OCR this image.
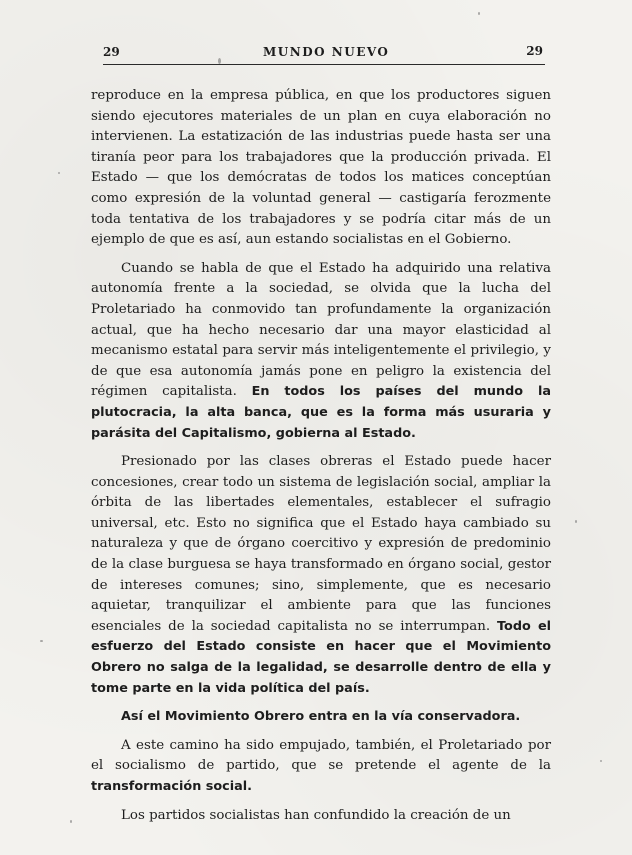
29	MUNDO NUEVO	29

reproduce en la empresa pública, en que los productores siguen siendo ejecutores materiales de un plan en cuya elaboración no intervienen. La estatización de las industrias puede hasta ser una tiranía peor para los trabajadores que la producción privada. El Estado — que los demócratas de todos los matices conceptúan como expresión de la voluntad general — castigaría ferozmente toda tentativa de los trabajadores y se podría citar más de un ejemplo de que es así, aun estando socialistas en el Gobierno.

Cuando se habla de que el Estado ha adquirido una relativa autonomía frente a la sociedad, se olvida que la lucha del Proletariado ha conmovido tan profundamente la organización actual, que ha hecho necesario dar una mayor elasticidad al mecanismo estatal para servir más inteligentemente el privilegio, y de que esa autonomía jamás pone en peligro la existencia del régimen capitalista. En todos los países del mundo la plutocracia, la alta banca, que es la forma más usuraria y parásita del Capitalismo, gobierna al Estado.

Presionado por las clases obreras el Estado puede hacer concesiones, crear todo un sistema de legislación social, ampliar la órbita de las libertades elementales, establecer el sufragio universal, etc. Esto no significa que el Estado haya cambiado su naturaleza y que de órgano coercitivo y expresión de predominio de la clase burguesa se haya transformado en órgano social, gestor de intereses comunes; sino, simplemente, que es necesario aquietar, tranquilizar el ambiente para que las funciones esenciales de la sociedad capitalista no se interrumpan. Todo el esfuerzo del Estado consiste en hacer que el Movimiento Obrero no salga de la legalidad, se desarrolle dentro de ella y tome parte en la vida política del país.

Así el Movimiento Obrero entra en la vía conservadora.

A este camino ha sido empujado, también, el Proletariado por el socialismo de partido, que se pretende el agente de la transformación social.

Los partidos socialistas han confundido la creación de un
